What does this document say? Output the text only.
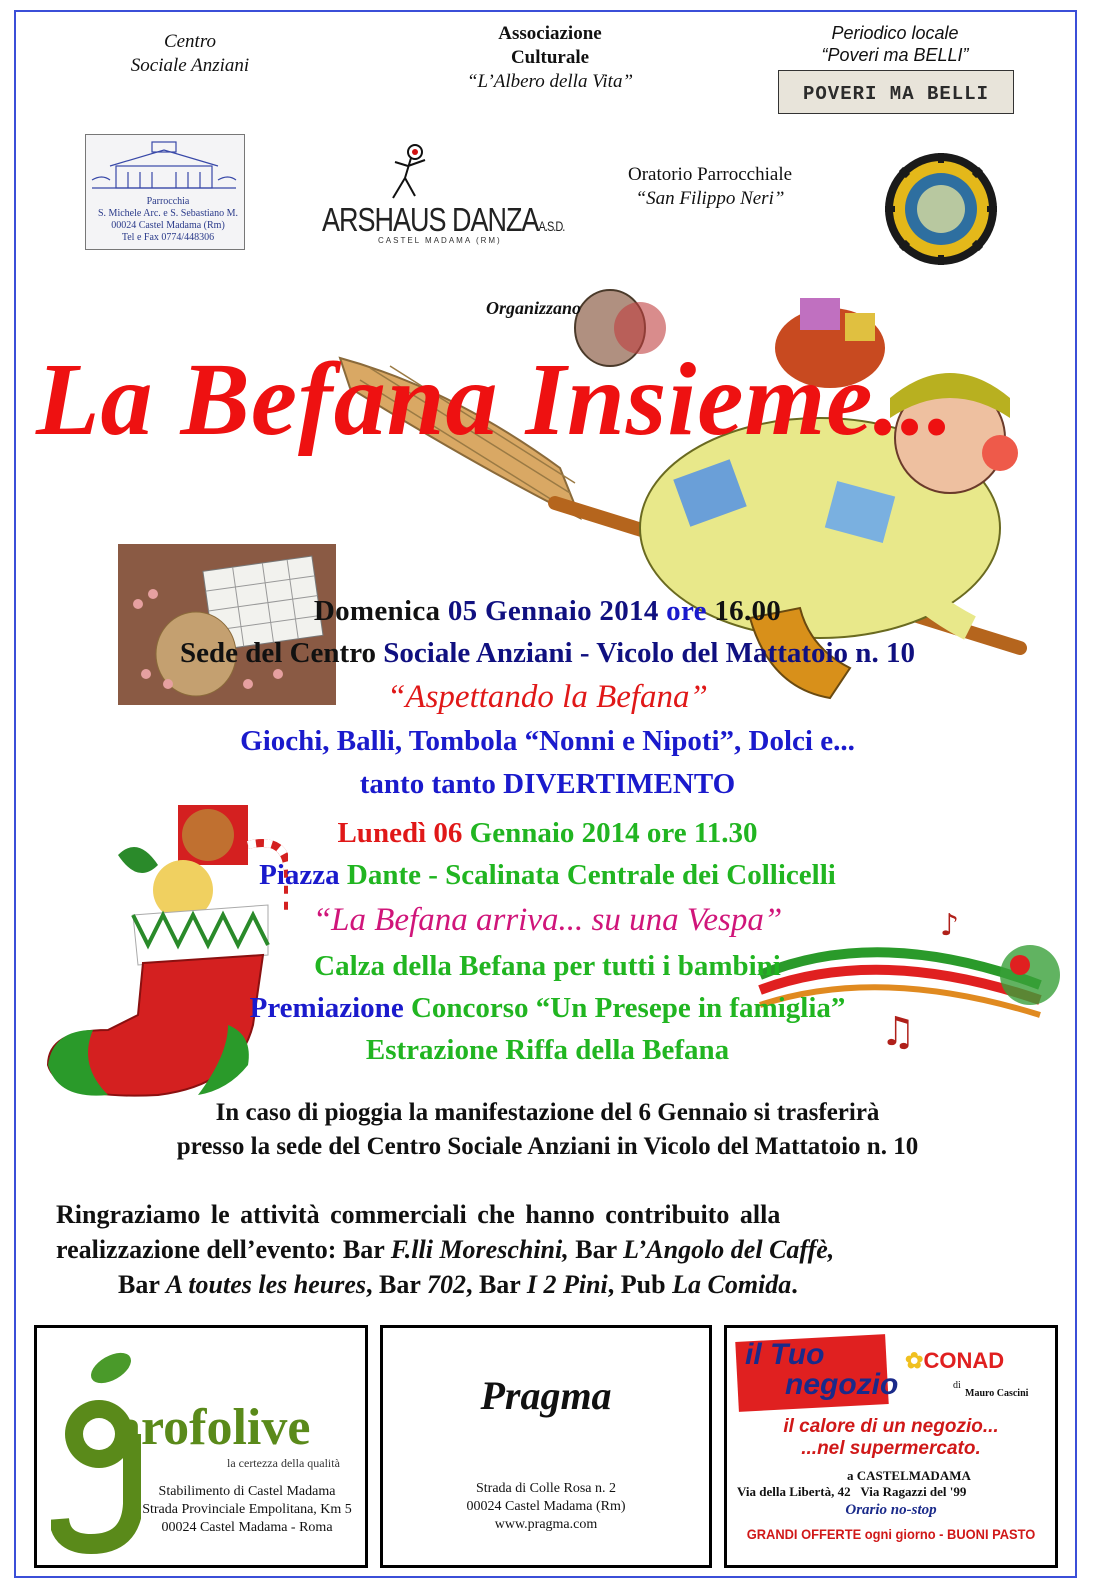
Centro
Sociale Anziani
Associazione
Culturale
“L’Albero della Vita”
Periodico locale
“Poveri ma BELLI”
POVERI MA BELLI
Parrocchia
S. Michele Arc. e S. Sebastiano M.
00024 Castel Madama (Rm)
Tel e Fax 0774/448306	ARSHAUS DANZAA.S.D.
CASTEL MADAMA (RM)
Oratorio Parrocchiale
“San Filippo Neri”
Organizzano
La Befana Insieme...
Domenica 05 Gennaio 2014 ore 16.00
Sede del Centro Sociale Anziani - Vicolo del Mattatoio n. 10
“Aspettando la Befana”
Giochi, Balli, Tombola “Nonni e Nipoti”, Dolci e...
tanto tanto DIVERTIMENTO
♫
♪
Lunedì 06 Gennaio 2014 ore 11.30
Piazza Dante - Scalinata Centrale dei Collicelli
“La Befana arriva... su una Vespa”
Calza della Befana per tutti i bambini
Premiazione Concorso “Un Presepe in famiglia”
Estrazione Riffa della Befana
In caso di pioggia la manifestazione del 6 Gennaio si trasferirà
presso la sede del Centro Sociale Anziani in Vicolo del Mattatoio n. 10
Ringraziamo le attività commerciali che hanno contribuito alla
realizzazione dell’evento: Bar F.lli Moreschini, Bar L’Angolo del Caffè,
Bar A toutes les heures, Bar 702, Bar I 2 Pini, Pub La Comida.
arofolive
la certezza della qualità
Stabilimento di Castel Madama
Strada Provinciale Empolitana, Km 5
00024 Castel Madama - Roma
Pragma
Strada di Colle Rosa n. 2
00024 Castel Madama (Rm)
www.pragma.com
il Tuo
negozio
✿CONAD
di
Mauro Cascini
il calore di un negozio...
...nel supermercato.
a CASTELMADAMA
Via della Libertà, 42 Via Ragazzi del '99
Orario no-stop
GRANDI OFFERTE ogni giorno - BUONI PASTO
